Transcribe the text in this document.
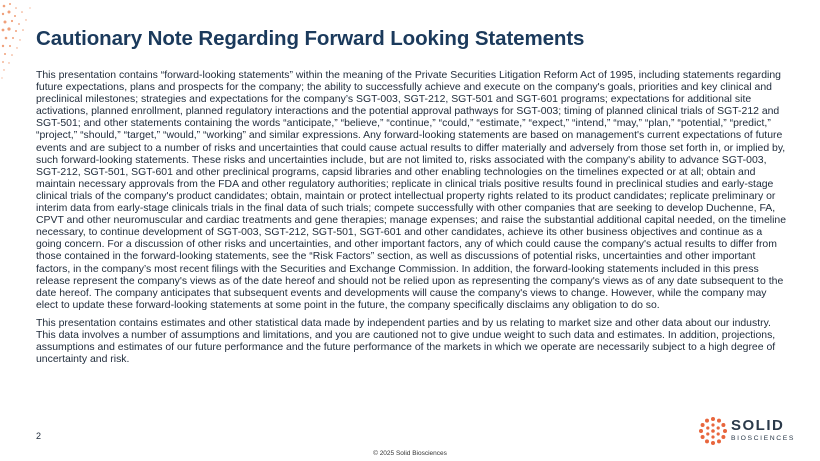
Cautionary Note Regarding Forward Looking Statements

This presentation contains “forward-looking statements” within the meaning of the Private Securities Litigation Reform Act of 1995, including statements regarding future expectations, plans and prospects for the company; the ability to successfully achieve and execute on the company's goals, priorities and key clinical and preclinical milestones; strategies and expectations for the company’s SGT-003, SGT-212, SGT-501 and SGT-601 programs; expectations for additional site activations, planned enrollment, planned regulatory interactions and the potential approval pathways for SGT-003; timing of planned clinical trials of SGT-212 and SGT-501; and other statements containing the words “anticipate,” “believe,” “continue,” “could,” “estimate,” “expect,” “intend,” “may,” “plan,” “potential,” “predict,” “project,” “should,” “target,” “would,” “working” and similar expressions. Any forward-looking statements are based on management's current expectations of future events and are subject to a number of risks and uncertainties that could cause actual results to differ materially and adversely from those set forth in, or implied by, such forward-looking statements. These risks and uncertainties include, but are not limited to, risks associated with the company's ability to advance SGT-003, SGT-212, SGT-501, SGT-601 and other preclinical programs, capsid libraries and other enabling technologies on the timelines expected or at all; obtain and maintain necessary approvals from the FDA and other regulatory authorities; replicate in clinical trials positive results found in preclinical studies and early-stage clinical trials of the company's product candidates; obtain, maintain or protect intellectual property rights related to its product candidates; replicate preliminary or interim data from early-stage clinicals trials in the final data of such trials; compete successfully with other companies that are seeking to develop Duchenne, FA, CPVT and other neuromuscular and cardiac treatments and gene therapies; manage expenses; and raise the substantial additional capital needed, on the timeline necessary, to continue development of SGT-003, SGT-212, SGT-501, SGT-601 and other candidates, achieve its other business objectives and continue as a going concern. For a discussion of other risks and uncertainties, and other important factors, any of which could cause the company's actual results to differ from those contained in the forward-looking statements, see the “Risk Factors” section, as well as discussions of potential risks, uncertainties and other important factors, in the company’s most recent filings with the Securities and Exchange Commission. In addition, the forward-looking statements included in this press release represent the company's views as of the date hereof and should not be relied upon as representing the company's views as of any date subsequent to the date hereof. The company anticipates that subsequent events and developments will cause the company's views to change. However, while the company may elect to update these forward-looking statements at some point in the future, the company specifically disclaims any obligation to do so.

This presentation contains estimates and other statistical data made by independent parties and by us relating to market size and other data about our industry. This data involves a number of assumptions and limitations, and you are cautioned not to give undue weight to such data and estimates. In addition, projections, assumptions and estimates of our future performance and the future performance of the markets in which we operate are necessarily subject to a high degree of uncertainty and risk.

2
© 2025 Solid Biosciences
SOLID
BIOSCIENCES
